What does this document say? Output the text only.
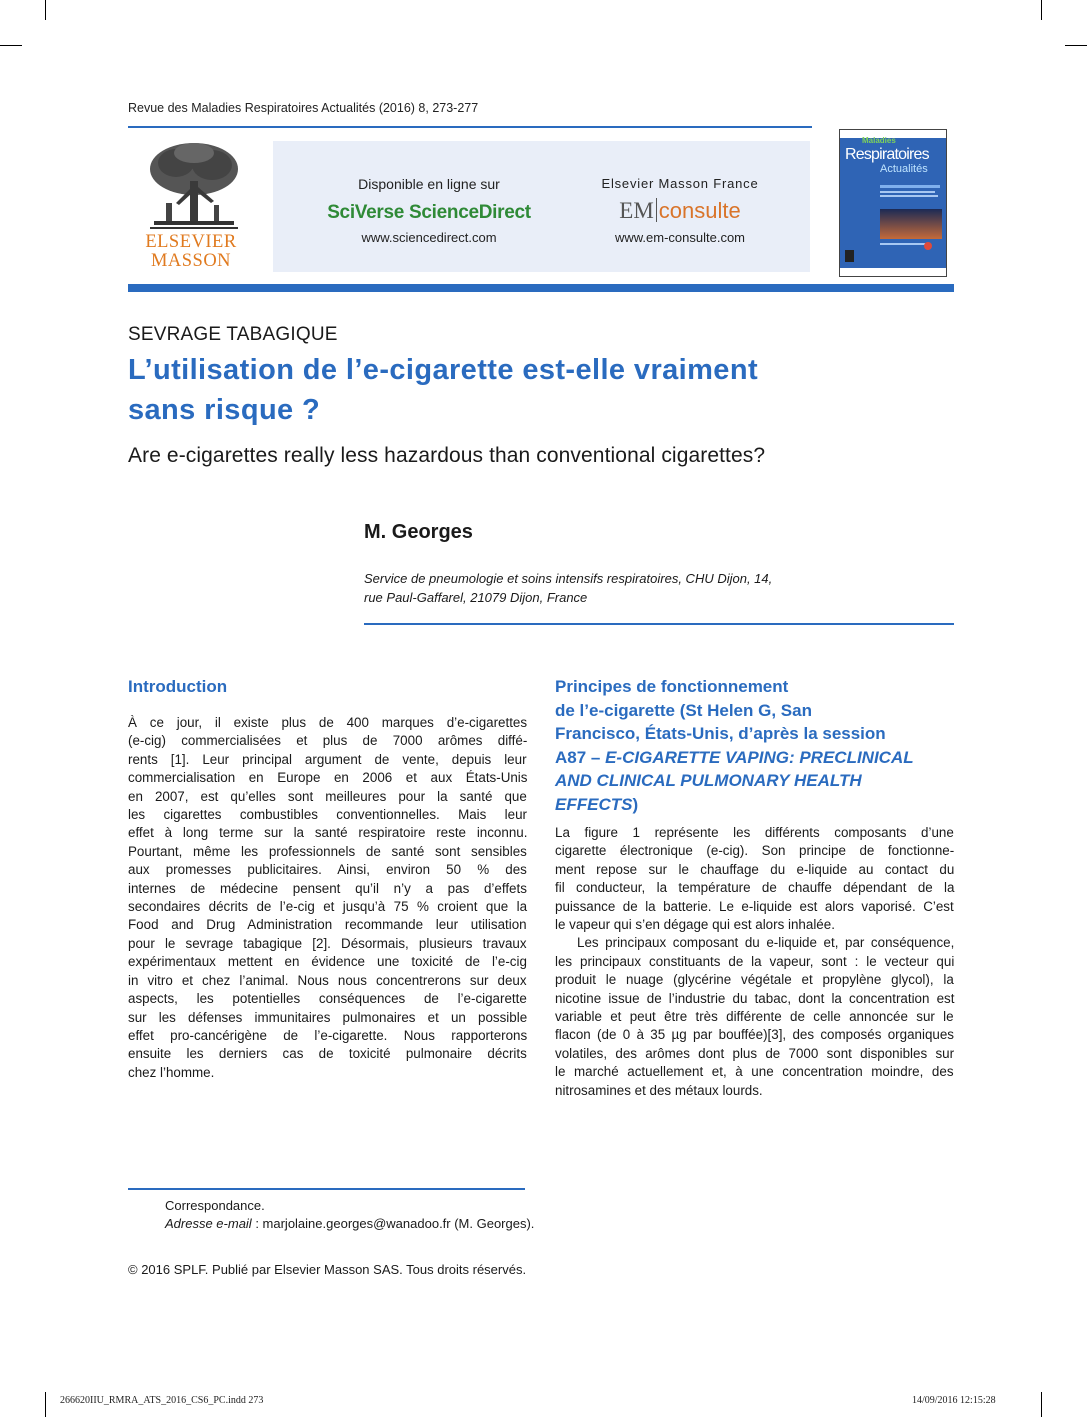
Revue des Maladies Respiratoires Actualités (2016) 8, 273-277
ELSEVIER
MASSON
Disponible en ligne sur
SciVerse ScienceDirect
www.sciencedirect.com
Elsevier Masson France
EM consulte
www.em-consulte.com
Maladies
Respiratoires
Actualités
SEVRAGE TABAGIQUE
L’utilisation de l’e-cigarette est-elle vraiment
sans risque ?
Are e-cigarettes really less hazardous than conventional cigarettes?
M. Georges
Service de pneumologie et soins intensifs respiratoires, CHU Dijon, 14,
rue Paul-Gaffarel, 21079 Dijon, France
Introduction
À ce jour, il existe plus de 400 marques d’e-cigarettes
(e-cig) commercialisées et plus de 7000 arômes diffé-
rents [1]. Leur principal argument de vente, depuis leur
commercialisation en Europe en 2006 et aux États-Unis
en 2007, est qu’elles sont meilleures pour la santé que
les cigarettes combustibles conventionnelles. Mais leur
effet à long terme sur la santé respiratoire reste inconnu.
Pourtant, même les professionnels de santé sont sensibles
aux promesses publicitaires. Ainsi, environ 50 % des
internes de médecine pensent qu’il n’y a pas d’effets
secondaires décrits de l’e-cig et jusqu’à 75 % croient que la
Food and Drug Administration recommande leur utilisation
pour le sevrage tabagique [2]. Désormais, plusieurs travaux
expérimentaux mettent en évidence une toxicité de l’e-cig
in vitro et chez l’animal. Nous nous concentrerons sur deux
aspects, les potentielles conséquences de l’e-cigarette
sur les défenses immunitaires pulmonaires et un possible
effet pro-cancérigène de l’e-cigarette. Nous rapporterons
ensuite les derniers cas de toxicité pulmonaire décrits
chez l’homme.
Principes de fonctionnement
de l’e-cigarette (St Helen G, San
Francisco, États-Unis, d’après la session
A87 – E-CIGARETTE VAPING: PRECLINICAL
AND CLINICAL PULMONARY HEALTH
EFFECTS)
La figure 1 représente les différents composants d’une
cigarette électronique (e-cig). Son principe de fonctionne-
ment repose sur le chauffage du e-liquide au contact du
fil conducteur, la température de chauffe dépendant de la
puissance de la batterie. Le e-liquide est alors vaporisé. C’est
le vapeur qui s’en dégage qui est alors inhalée.
Les principaux composant du e-liquide et, par conséquence,
les principaux constituants de la vapeur, sont : le vecteur qui
produit le nuage (glycérine végétale et propylène glycol), la
nicotine issue de l’industrie du tabac, dont la concentration est
variable et peut être très différente de celle annoncée sur le
flacon (de 0 à 35 µg par bouffée)[3], des composés organiques
volatiles, des arômes dont plus de 7000 sont disponibles sur
le marché actuellement et, à une concentration moindre, des
nitrosamines et des métaux lourds.
Correspondance.
Adresse e-mail : marjolaine.georges@wanadoo.fr (M. Georges).
© 2016 SPLF. Publié par Elsevier Masson SAS. Tous droits réservés.
266620IIU_RMRA_ATS_2016_CS6_PC.indd 273	14/09/2016 12:15:28
